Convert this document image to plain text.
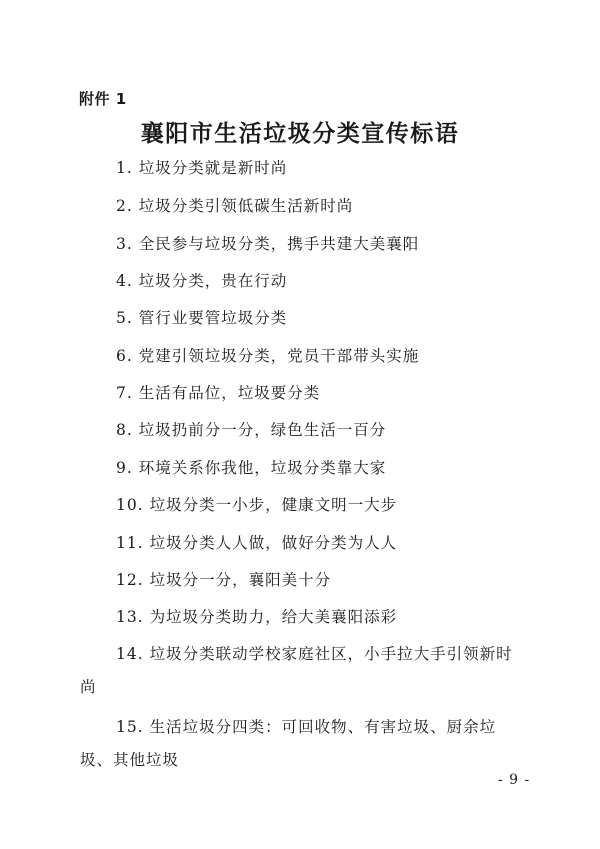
附件 1
襄阳市生活垃圾分类宣传标语
1. 垃圾分类就是新时尚
2. 垃圾分类引领低碳生活新时尚
3. 全民参与垃圾分类，携手共建大美襄阳
4. 垃圾分类，贵在行动
5. 管行业要管垃圾分类
6. 党建引领垃圾分类，党员干部带头实施
7. 生活有品位，垃圾要分类
8. 垃圾扔前分一分，绿色生活一百分
9. 环境关系你我他，垃圾分类靠大家
10. 垃圾分类一小步，健康文明一大步
11. 垃圾分类人人做，做好分类为人人
12. 垃圾分一分，襄阳美十分
13. 为垃圾分类助力，给大美襄阳添彩
14. 垃圾分类联动学校家庭社区，小手拉大手引领新时尚
15. 生活垃圾分四类：可回收物、有害垃圾、厨余垃圾、其他垃圾
- 9 -
